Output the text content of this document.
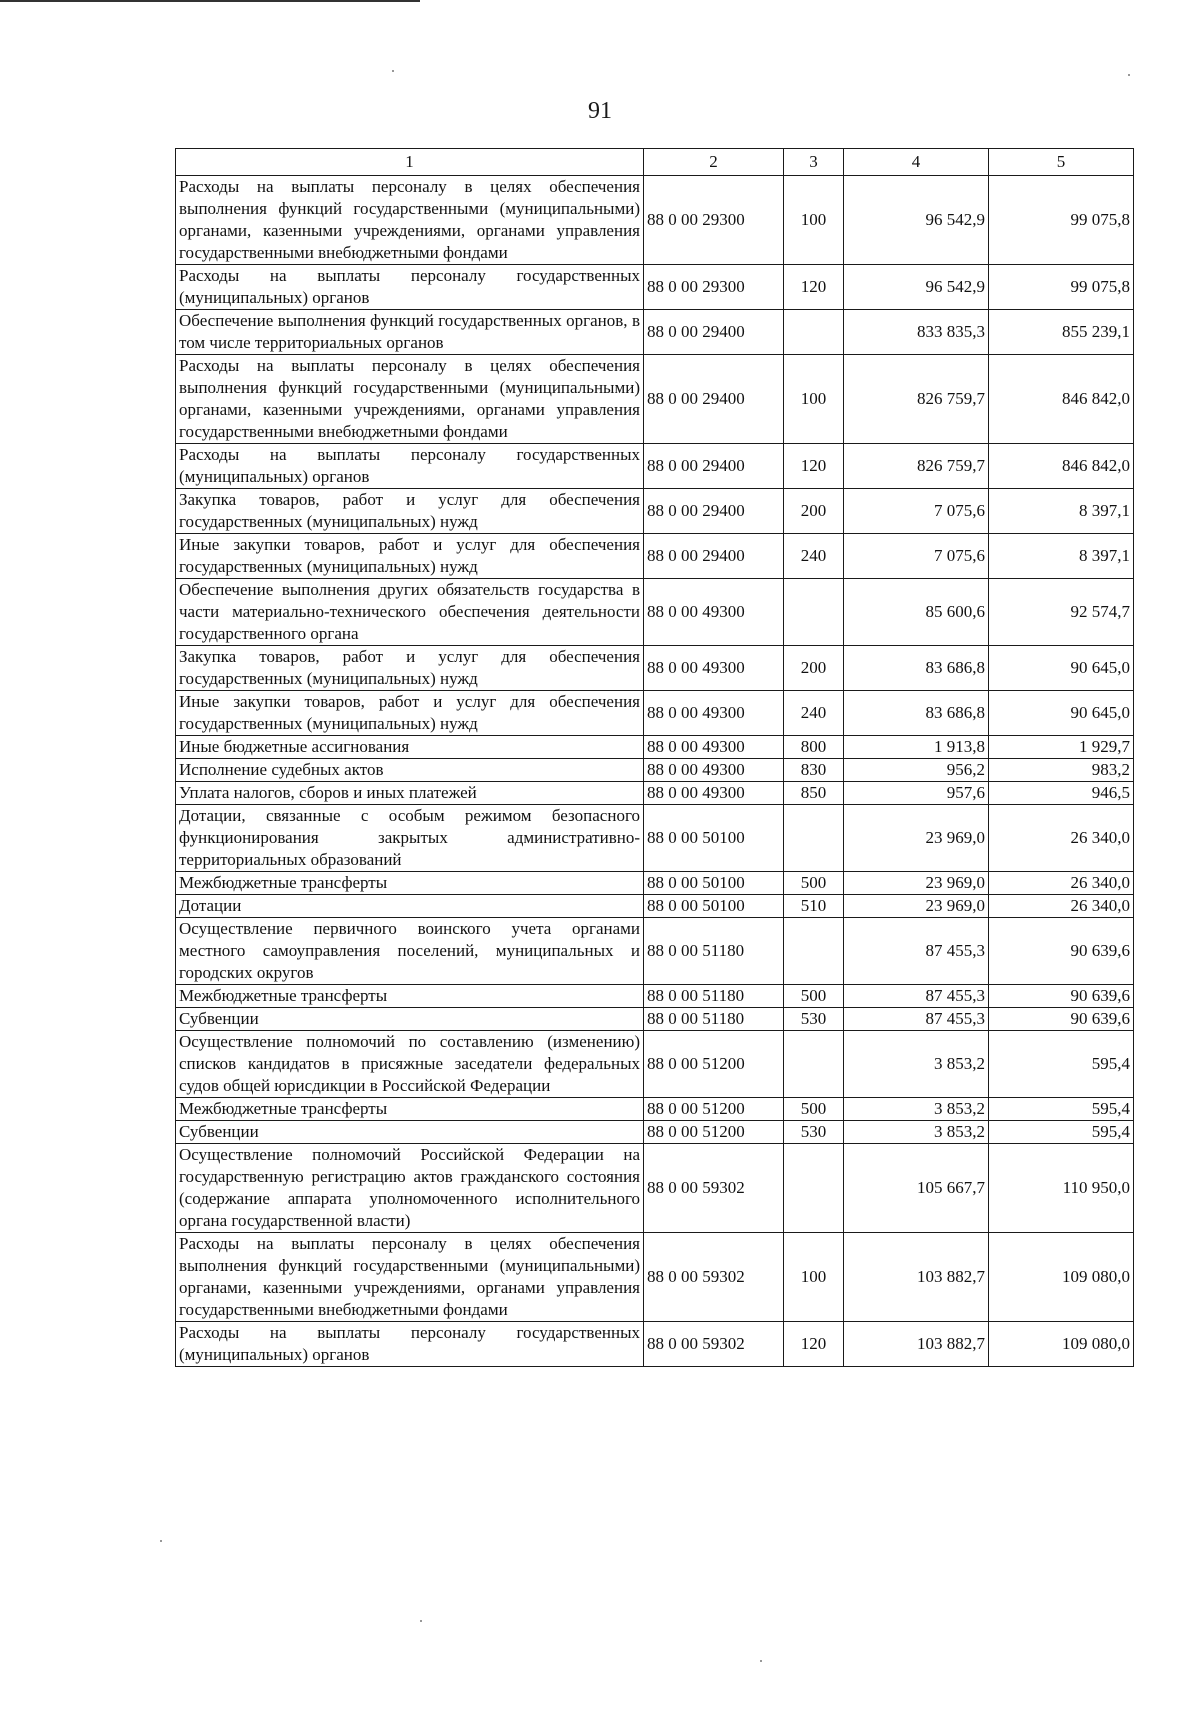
91
1	2	3	4	5
Расходы на выплаты персоналу в целях обеспечения выполнения функций государственными (муниципальными) органами, казенными учреждениями, органами управления государственными внебюджетными фондами	88 0 00 29300	100	96 542,9	99 075,8
Расходы на выплаты персоналу государственных (муниципальных) органов	88 0 00 29300	120	96 542,9	99 075,8
Обеспечение выполнения функций государственных органов, в том числе территориальных органов	88 0 00 29400		833 835,3	855 239,1
Расходы на выплаты персоналу в целях обеспечения выполнения функций государственными (муниципальными) органами, казенными учреждениями, органами управления государственными внебюджетными фондами	88 0 00 29400	100	826 759,7	846 842,0
Расходы на выплаты персоналу государственных (муниципальных) органов	88 0 00 29400	120	826 759,7	846 842,0
Закупка товаров, работ и услуг для обеспечения государственных (муниципальных) нужд	88 0 00 29400	200	7 075,6	8 397,1
Иные закупки товаров, работ и услуг для обеспечения государственных (муниципальных) нужд	88 0 00 29400	240	7 075,6	8 397,1
Обеспечение выполнения других обязательств государства в части материально-технического обеспечения деятельности государственного органа	88 0 00 49300		85 600,6	92 574,7
Закупка товаров, работ и услуг для обеспечения государственных (муниципальных) нужд	88 0 00 49300	200	83 686,8	90 645,0
Иные закупки товаров, работ и услуг для обеспечения государственных (муниципальных) нужд	88 0 00 49300	240	83 686,8	90 645,0
Иные бюджетные ассигнования	88 0 00 49300	800	1 913,8	1 929,7
Исполнение судебных актов	88 0 00 49300	830	956,2	983,2
Уплата налогов, сборов и иных платежей	88 0 00 49300	850	957,6	946,5
Дотации, связанные с особым режимом безопасного функционирования закрытых административно-территориальных образований	88 0 00 50100		23 969,0	26 340,0
Межбюджетные трансферты	88 0 00 50100	500	23 969,0	26 340,0
Дотации	88 0 00 50100	510	23 969,0	26 340,0
Осуществление первичного воинского учета органами местного самоуправления поселений, муниципальных и городских округов	88 0 00 51180		87 455,3	90 639,6
Межбюджетные трансферты	88 0 00 51180	500	87 455,3	90 639,6
Субвенции	88 0 00 51180	530	87 455,3	90 639,6
Осуществление полномочий по составлению (изменению) списков кандидатов в присяжные заседатели федеральных судов общей юрисдикции в Российской Федерации	88 0 00 51200		3 853,2	595,4
Межбюджетные трансферты	88 0 00 51200	500	3 853,2	595,4
Субвенции	88 0 00 51200	530	3 853,2	595,4
Осуществление полномочий Российской Федерации на государственную регистрацию актов гражданского состояния (содержание аппарата уполномоченного исполнительного органа государственной власти)	88 0 00 59302		105 667,7	110 950,0
Расходы на выплаты персоналу в целях обеспечения выполнения функций государственными (муниципальными) органами, казенными учреждениями, органами управления государственными внебюджетными фондами	88 0 00 59302	100	103 882,7	109 080,0
Расходы на выплаты персоналу государственных (муниципальных) органов	88 0 00 59302	120	103 882,7	109 080,0
